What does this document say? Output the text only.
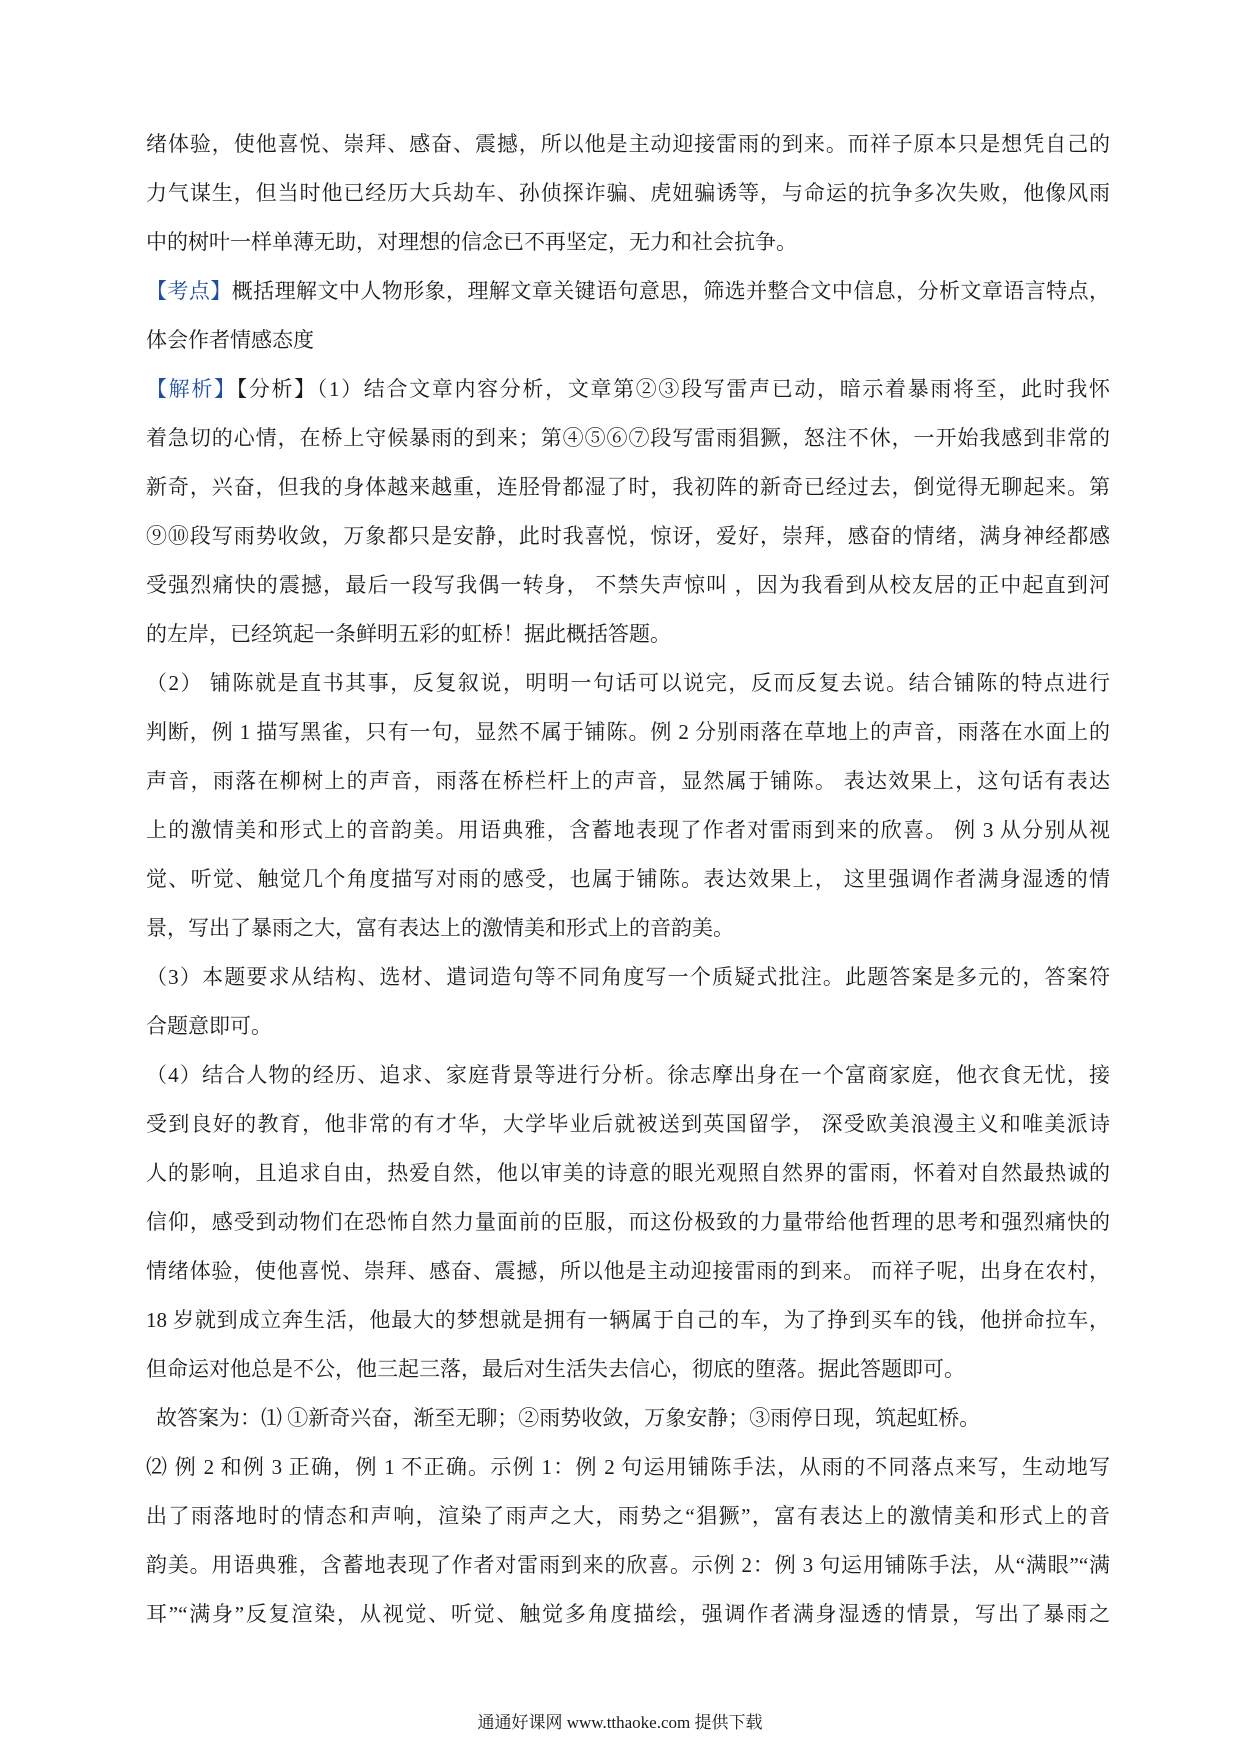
绪体验，使他喜悦、崇拜、感奋、震撼，所以他是主动迎接雷雨的到来。而祥子原本只是想凭自己的
力气谋生，但当时他已经历大兵劫车、孙侦探诈骗、虎妞骗诱等，与命运的抗争多次失败，他像风雨
中的树叶一样单薄无助，对理想的信念已不再坚定，无力和社会抗争。
【考点】概括理解文中人物形象，理解文章关键语句意思，筛选并整合文中信息，分析文章语言特点，
体会作者情感态度
【解析】【分析】（1）结合文章内容分析，文章第②③段写雷声已动，暗示着暴雨将至，此时我怀
着急切的心情，在桥上守候暴雨的到来；第④⑤⑥⑦段写雷雨猖獗，怒注不休，一开始我感到非常的
新奇，兴奋，但我的身体越来越重，连胫骨都湿了时，我初阵的新奇已经过去，倒觉得无聊起来。第
⑨⑩段写雨势收敛，万象都只是安静，此时我喜悦，惊讶，爱好，崇拜，感奋的情绪，满身神经都感
受强烈痛快的震撼，最后一段写我偶一转身， 不禁失声惊叫 ，因为我看到从校友居的正中起直到河
的左岸，已经筑起一条鲜明五彩的虹桥！据此概括答题。
（2） 铺陈就是直书其事，反复叙说，明明一句话可以说完，反而反复去说。结合铺陈的特点进行
判断，例 1 描写黑雀，只有一句，显然不属于铺陈。例 2 分别雨落在草地上的声音，雨落在水面上的
声音，雨落在柳树上的声音，雨落在桥栏杆上的声音，显然属于铺陈。 表达效果上，这句话有表达
上的激情美和形式上的音韵美。用语典雅，含蓄地表现了作者对雷雨到来的欣喜。 例 3 从分别从视
觉、听觉、触觉几个角度描写对雨的感受，也属于铺陈。表达效果上， 这里强调作者满身湿透的情
景，写出了暴雨之大，富有表达上的激情美和形式上的音韵美。
（3）本题要求从结构、选材、遣词造句等不同角度写一个质疑式批注。此题答案是多元的，答案符
合题意即可。
（4）结合人物的经历、追求、家庭背景等进行分析。徐志摩出身在一个富商家庭，他衣食无忧，接
受到良好的教育，他非常的有才华，大学毕业后就被送到英国留学， 深受欧美浪漫主义和唯美派诗
人的影响，且追求自由，热爱自然，他以审美的诗意的眼光观照自然界的雷雨，怀着对自然最热诚的
信仰，感受到动物们在恐怖自然力量面前的臣服，而这份极致的力量带给他哲理的思考和强烈痛快的
情绪体验，使他喜悦、崇拜、感奋、震撼，所以他是主动迎接雷雨的到来。 而祥子呢，出身在农村，
18 岁就到成立奔生活，他最大的梦想就是拥有一辆属于自己的车，为了挣到买车的钱，他拼命拉车，
但命运对他总是不公，他三起三落，最后对生活失去信心，彻底的堕落。据此答题即可。
故答案为：⑴ ①新奇兴奋，渐至无聊；②雨势收敛，万象安静；③雨停日现，筑起虹桥。
⑵ 例 2 和例 3 正确，例 1 不正确。示例 1：例 2 句运用铺陈手法，从雨的不同落点来写，生动地写
出了雨落地时的情态和声响，渲染了雨声之大，雨势之“猖獗”，富有表达上的激情美和形式上的音
韵美。用语典雅，含蓄地表现了作者对雷雨到来的欣喜。示例 2：例 3 句运用铺陈手法，从“满眼”“满
耳”“满身”反复渲染，从视觉、听觉、触觉多角度描绘，强调作者满身湿透的情景，写出了暴雨之
通通好课网 www.tthaoke.com 提供下载
